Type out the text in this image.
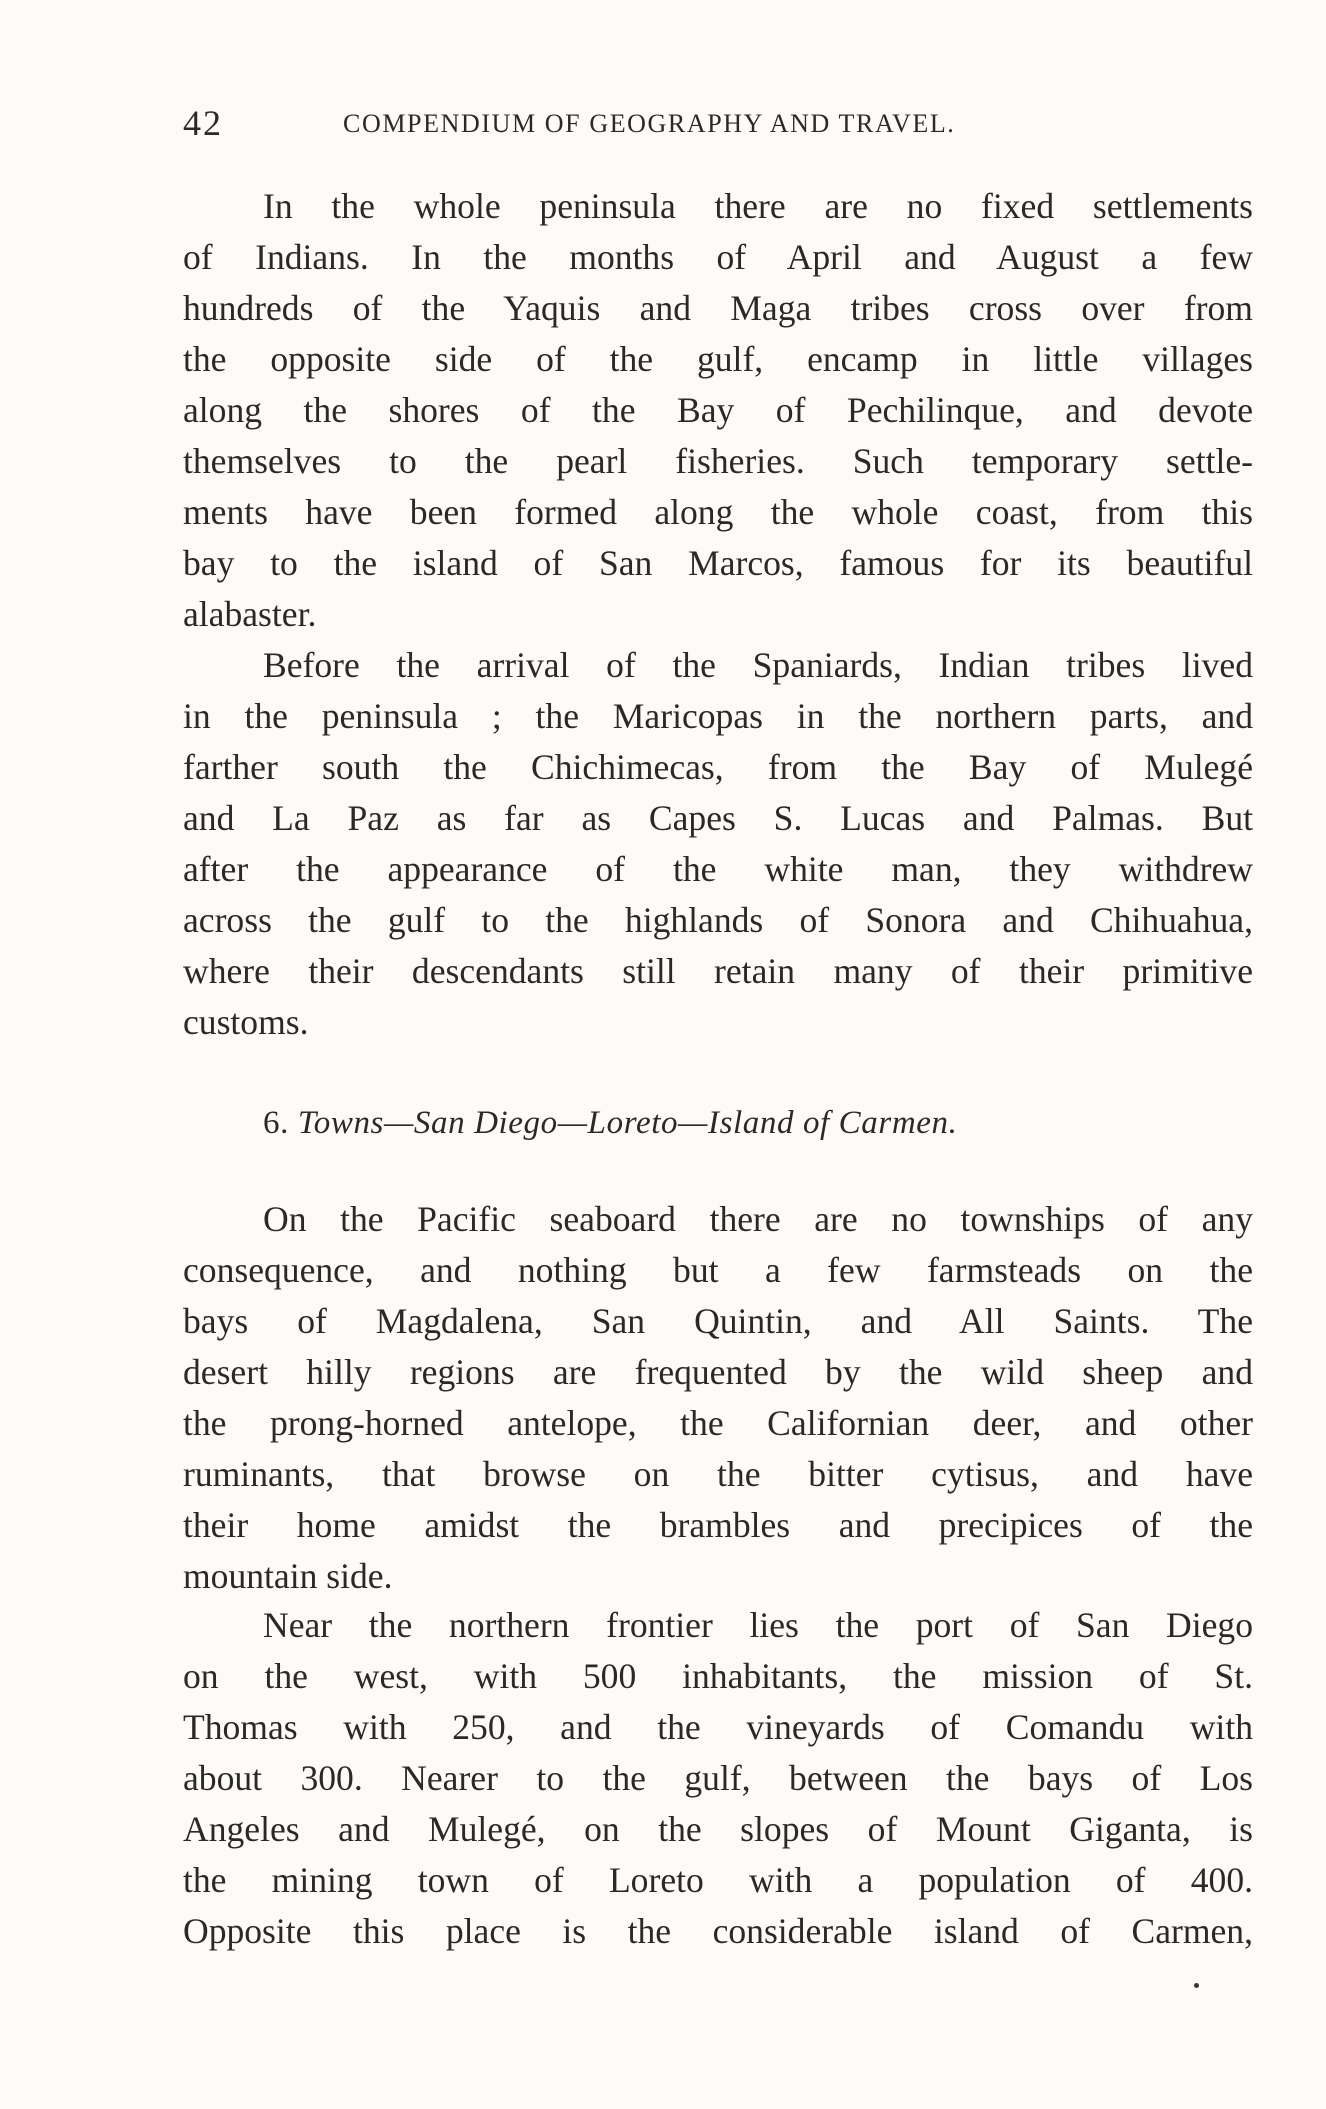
42	COMPENDIUM OF GEOGRAPHY AND TRAVEL.
In the whole peninsula there are no fixed settlements
of Indians. In the months of April and August a few
hundreds of the Yaquis and Maga tribes cross over from
the opposite side of the gulf, encamp in little villages
along the shores of the Bay of Pechilinque, and devote
themselves to the pearl fisheries. Such temporary settle-
ments have been formed along the whole coast, from this
bay to the island of San Marcos, famous for its beautiful
alabaster.
Before the arrival of the Spaniards, Indian tribes lived
in the peninsula ; the Maricopas in the northern parts, and
farther south the Chichimecas, from the Bay of Mulegé
and La Paz as far as Capes S. Lucas and Palmas. But
after the appearance of the white man, they withdrew
across the gulf to the highlands of Sonora and Chihuahua,
where their descendants still retain many of their primitive
customs.
6. Towns—San Diego—Loreto—Island of Carmen.
On the Pacific seaboard there are no townships of any
consequence, and nothing but a few farmsteads on the
bays of Magdalena, San Quintin, and All Saints. The
desert hilly regions are frequented by the wild sheep and
the prong-horned antelope, the Californian deer, and other
ruminants, that browse on the bitter cytisus, and have
their home amidst the brambles and precipices of the
mountain side.
Near the northern frontier lies the port of San Diego
on the west, with 500 inhabitants, the mission of St.
Thomas with 250, and the vineyards of Comandu with
about 300. Nearer to the gulf, between the bays of Los
Angeles and Mulegé, on the slopes of Mount Giganta, is
the mining town of Loreto with a population of 400.
Opposite this place is the considerable island of Carmen,
